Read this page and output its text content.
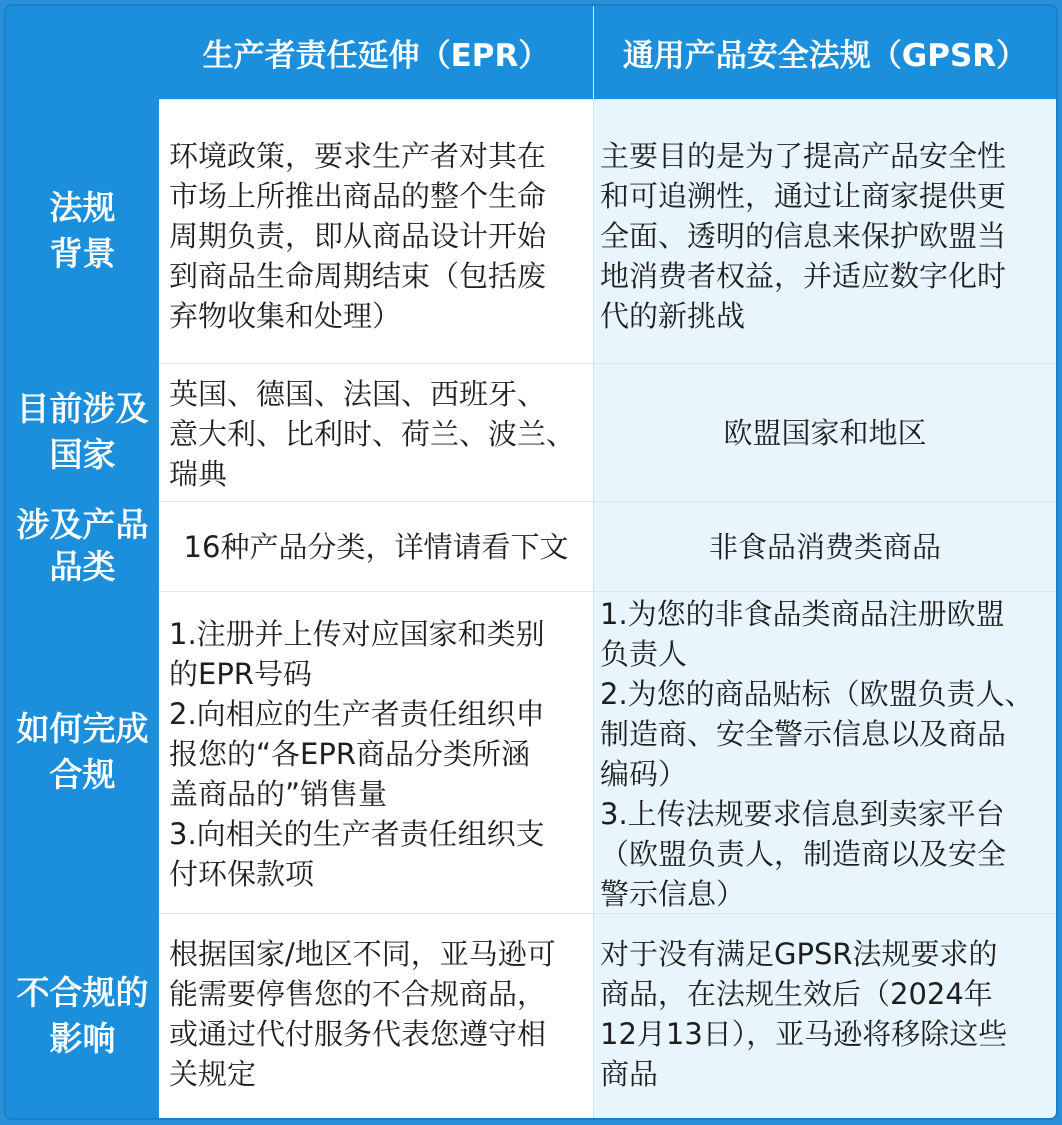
生产者责任延伸（EPR）	通用产品安全法规（GPSR）
法规
背景
环境政策，要求生产者对其在
市场上所推出商品的整个生命
周期负责，即从商品设计开始
到商品生命周期结束（包括废
弃物收集和处理）
主要目的是为了提高产品安全性
和可追溯性，通过让商家提供更
全面、透明的信息来保护欧盟当
地消费者权益，并适应数字化时
代的新挑战
目前涉及
国家
英国、德国、法国、西班牙、
意大利、比利时、荷兰、波兰、
瑞典
欧盟国家和地区
涉及产品
品类
16种产品分类，详情请看下文	非食品消费类商品
如何完成
合规
1.注册并上传对应国家和类别
的EPR号码
2.向相应的生产者责任组织申
报您的“各EPR商品分类所涵
盖商品的”销售量
3.向相关的生产者责任组织支
付环保款项
1.为您的非食品类商品注册欧盟
负责人
2.为您的商品贴标（欧盟负责人、
制造商、安全警示信息以及商品
编码）
3.上传法规要求信息到卖家平台
（欧盟负责人，制造商以及安全
警示信息）
不合规的
影响
根据国家/地区不同，亚马逊可
能需要停售您的不合规商品，
或通过代付服务代表您遵守相
关规定
对于没有满足GPSR法规要求的
商品，在法规生效后（2024年
12月13日），亚马逊将移除这些
商品
